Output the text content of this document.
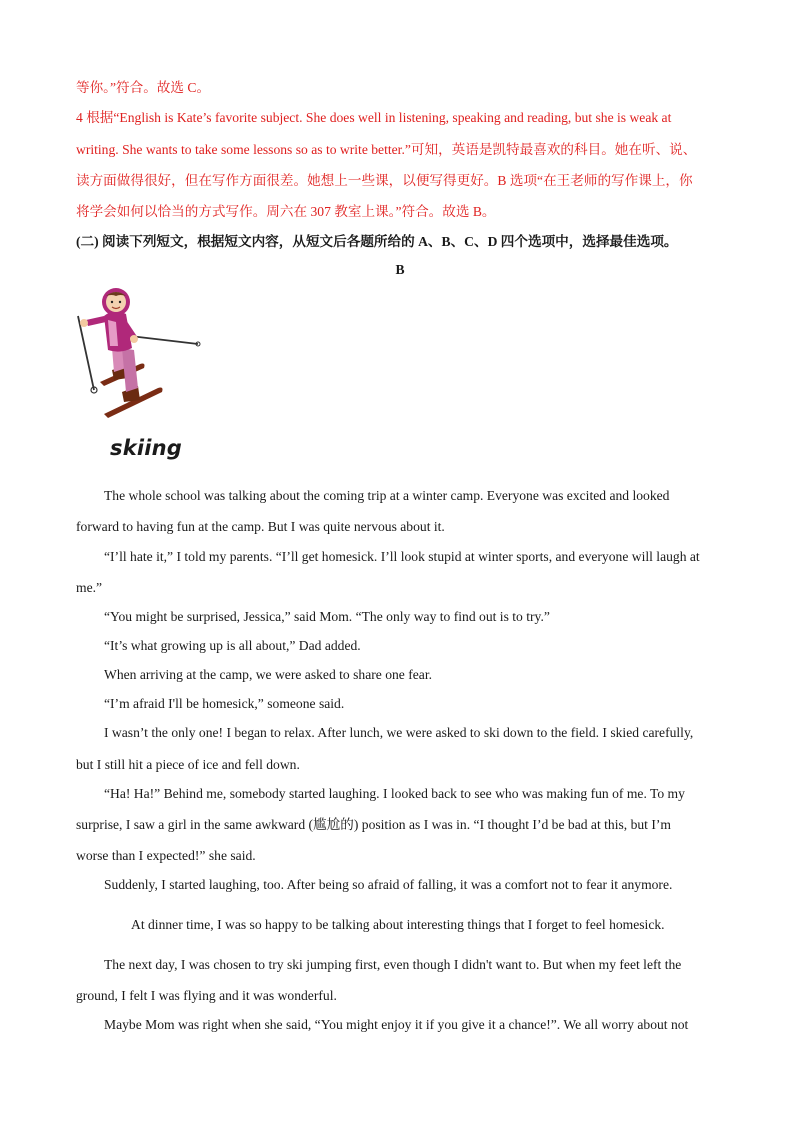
等你。”符合。故选 C。
4 根据“English is Kate’s favorite subject. She does well in listening, speaking and reading, but she is weak at
writing. She wants to take some lessons so as to write better.”可知，英语是凯特最喜欢的科目。她在听、说、
读方面做得很好，但在写作方面很差。她想上一些课，以便写得更好。B 选项“在王老师的写作课上，你
将学会如何以恰当的方式写作。周六在 307 教室上课。”符合。故选 B。
(二) 阅读下列短文，根据短文内容，从短文后各题所给的 A、B、C、D 四个选项中，选择最佳选项。
B
skiing
The whole school was talking about the coming trip at a winter camp. Everyone was excited and looked
forward to having fun at the camp. But I was quite nervous about it.
“I’ll hate it,” I told my parents. “I’ll get homesick. I’ll look stupid at winter sports, and everyone will laugh at
me.”
“You might be surprised, Jessica,” said Mom. “The only way to find out is to try.”
“It’s what growing up is all about,” Dad added.
When arriving at the camp, we were asked to share one fear.
“I’m afraid I'll be homesick,” someone said.
I wasn’t the only one! I began to relax. After lunch, we were asked to ski down to the field. I skied carefully,
but I still hit a piece of ice and fell down.
“Ha! Ha!” Behind me, somebody started laughing. I looked back to see who was making fun of me. To my
surprise, I saw a girl in the same awkward (尴尬的) position as I was in. “I thought I’d be bad at this, but I’m
worse than I expected!” she said.
Suddenly, I started laughing, too. After being so afraid of falling, it was a comfort not to fear it anymore.
At dinner time, I was so happy to be talking about interesting things that I forget to feel homesick.
The next day, I was chosen to try ski jumping first, even though I didn't want to. But when my feet left the
ground, I felt I was flying and it was wonderful.
Maybe Mom was right when she said, “You might enjoy it if you give it a chance!”. We all worry about not
